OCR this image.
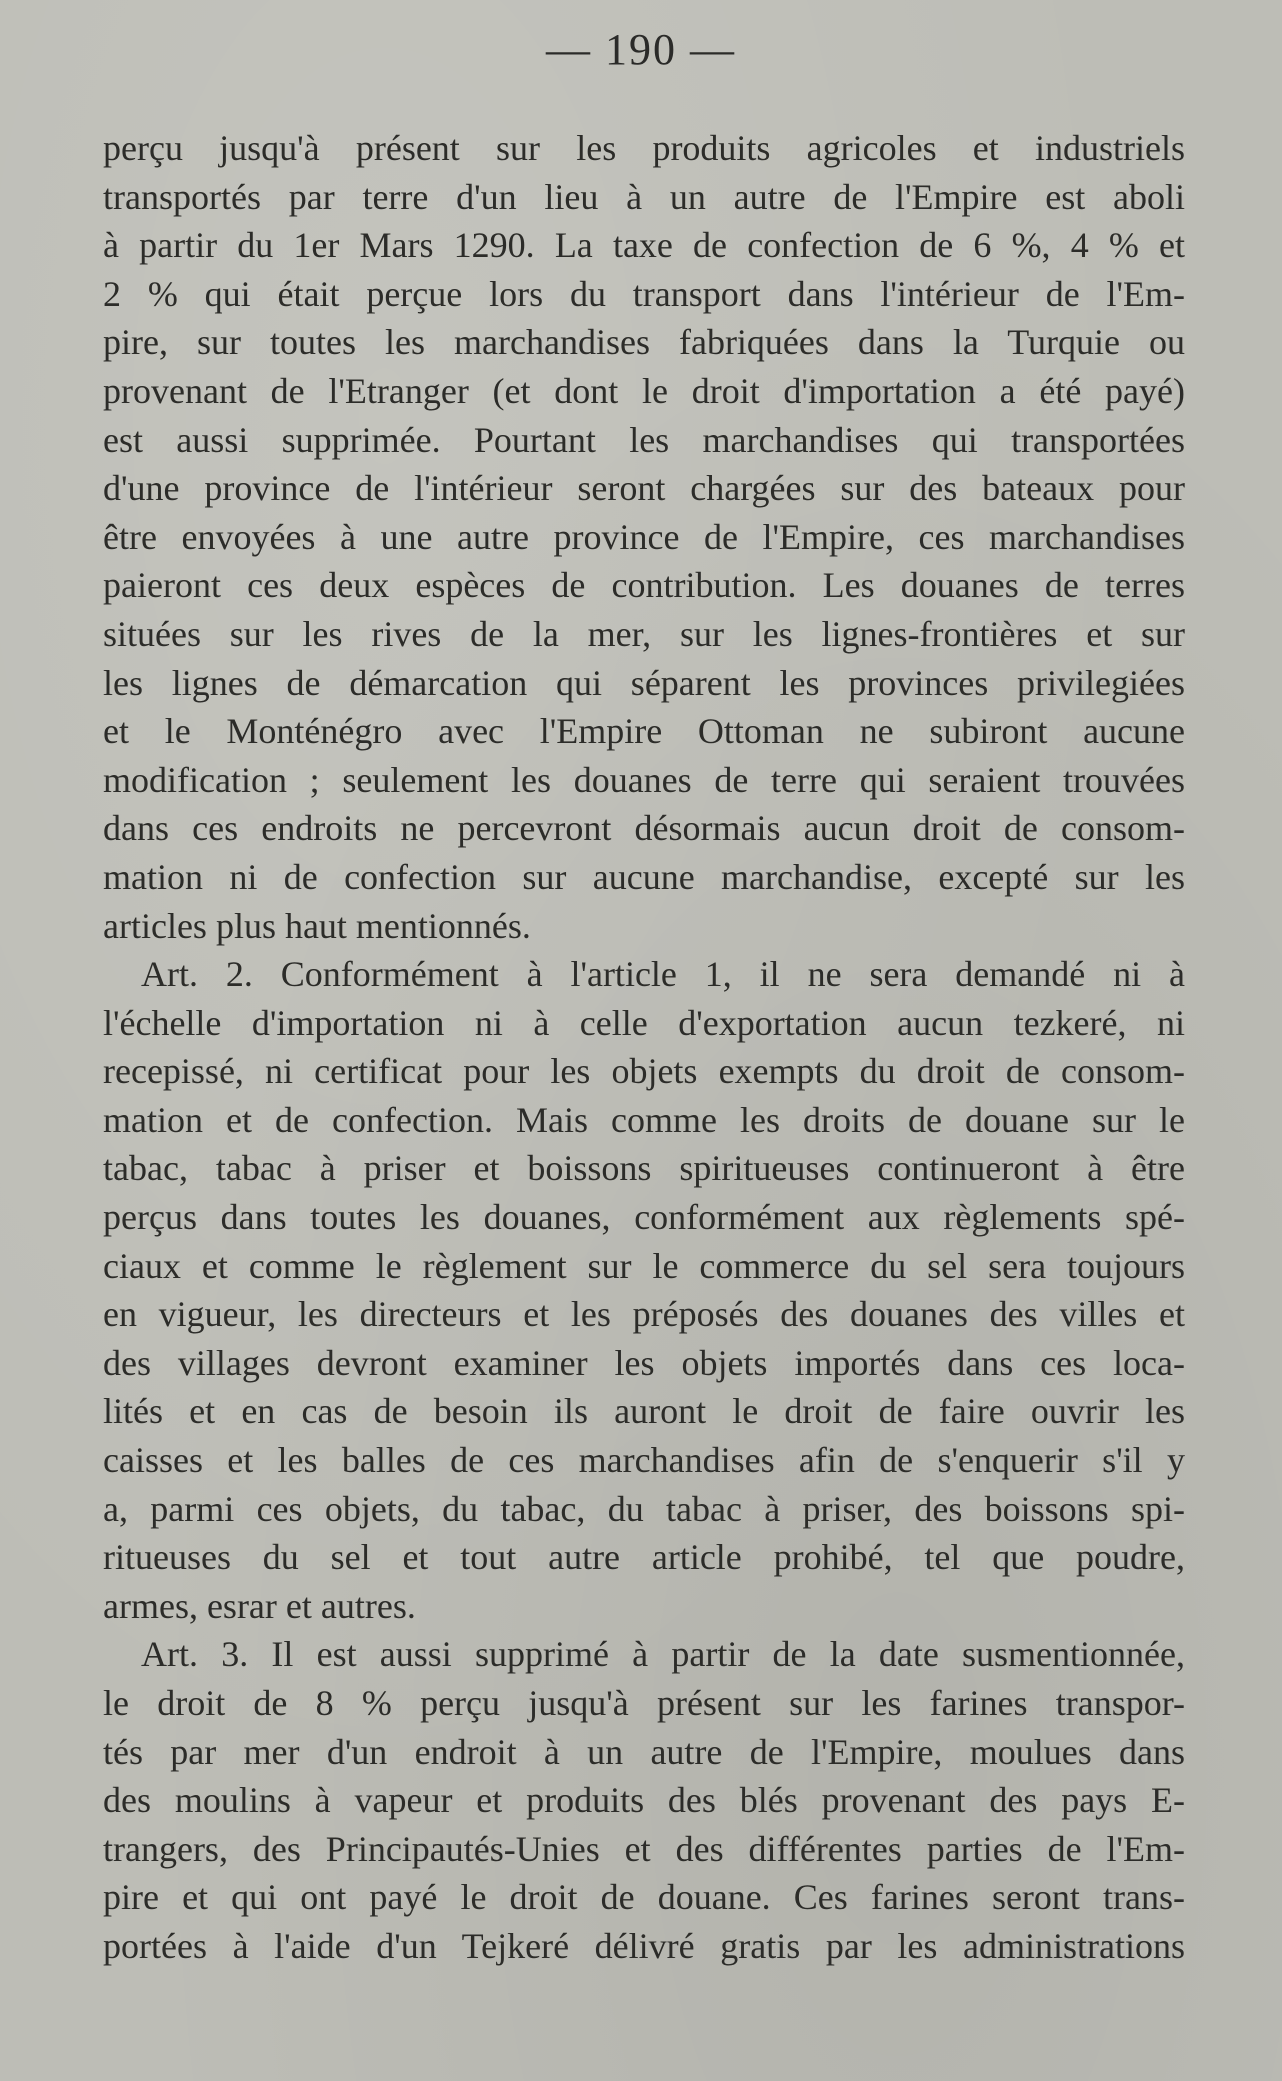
— 190 —
perçu jusqu'à présent sur les produits agricoles et industriels
transportés par terre d'un lieu à un autre de l'Empire est aboli
à partir du 1er Mars 1290. La taxe de confection de 6 %, 4 % et
2 % qui était perçue lors du transport dans l'intérieur de l'Em-
pire, sur toutes les marchandises fabriquées dans la Turquie ou
provenant de l'Etranger (et dont le droit d'importation a été payé)
est aussi supprimée. Pourtant les marchandises qui transportées
d'une province de l'intérieur seront chargées sur des bateaux pour
être envoyées à une autre province de l'Empire, ces marchandises
paieront ces deux espèces de contribution. Les douanes de terres
situées sur les rives de la mer, sur les lignes-frontières et sur
les lignes de démarcation qui séparent les provinces privilegiées
et le Monténégro avec l'Empire Ottoman ne subiront aucune
modification ; seulement les douanes de terre qui seraient trouvées
dans ces endroits ne percevront désormais aucun droit de consom-
mation ni de confection sur aucune marchandise, excepté sur les
articles plus haut mentionnés.
Art. 2. Conformément à l'article 1, il ne sera demandé ni à
l'échelle d'importation ni à celle d'exportation aucun tezkeré, ni
recepissé, ni certificat pour les objets exempts du droit de consom-
mation et de confection. Mais comme les droits de douane sur le
tabac, tabac à priser et boissons spiritueuses continueront à être
perçus dans toutes les douanes, conformément aux règlements spé-
ciaux et comme le règlement sur le commerce du sel sera toujours
en vigueur, les directeurs et les préposés des douanes des villes et
des villages devront examiner les objets importés dans ces loca-
lités et en cas de besoin ils auront le droit de faire ouvrir les
caisses et les balles de ces marchandises afin de s'enquerir s'il y
a, parmi ces objets, du tabac, du tabac à priser, des boissons spi-
ritueuses du sel et tout autre article prohibé, tel que poudre,
armes, esrar et autres.
Art. 3. Il est aussi supprimé à partir de la date susmentionnée,
le droit de 8 % perçu jusqu'à présent sur les farines transpor-
tés par mer d'un endroit à un autre de l'Empire, moulues dans
des moulins à vapeur et produits des blés provenant des pays E-
trangers, des Principautés-Unies et des différentes parties de l'Em-
pire et qui ont payé le droit de douane. Ces farines seront trans-
portées à l'aide d'un Tejkeré délivré gratis par les administrations
